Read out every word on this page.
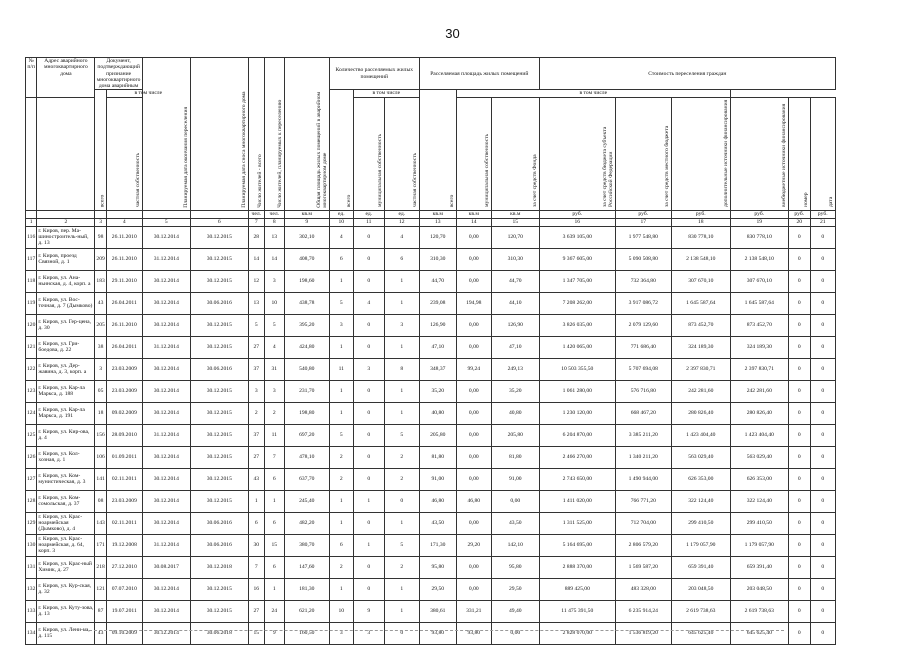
30
№ п/п	Адрес аварийного многоквартирного дома	Документ, подтверждающий признание многоквартирного дома аварийным		Планируемая дата окончания переселения	Планируемая дата сноса многоквартирного дома	Число жителей - всего	Число жителей, планируемых к переселению	Общая площадь жилых помещений в аварийном многоквартирном доме	Количество расселяемых жилых помещений			Расселяемая площадь жилых помещений			Стоимость переселения граждан					
		всего	в том числе						всего	в том числе		всего	в том числе							
			частная собственность							муниципальная собственность	частная собственность		муниципальная собственность	за счет средств Фонда	за счет средств бюджета субъекта Российской Федерации	за счет средств местного бюджета	дополнительные источники финансирования	внебюджетные источники финансирования		
																			номер	дата
						чел.	чел.	кв.м	ед.	ед.	ед.	кв.м	кв.м	кв.м	руб.	руб.	руб.	руб.	руб.	руб.
1	2	3	4	5	6	7	8	9	10	11	12	13	14	15	16	17	18	19	20	21
116	г. Киров, пер. Ма-шиностроитель-ный, д. 13	98	26.11.2010	30.12.2014	30.12.2015	28	13	302,10	4	0	4	120,70	0,00	120,70	3 639 105,00	1 977 548,80	830 778,10	830 778,10	0	0
117	г. Киров, проезд Связной, д. 1	209	26.11.2010	31.12.2014	30.12.2015	14	14	408,70	6	0	6	310,30	0,00	310,30	9 367 605,00	5 090 508,80	2 138 548,10	2 138 548,10	0	0
118	г. Киров, ул. Ана-ньинская, д. 4, корп. а	183	29.11.2010	30.12.2014	30.12.2015	12	3	198,60	1	0	1	44,70	0,00	44,70	1 347 705,00	732 364,80	307 670,10	307 670,10	0	0
119	г. Киров, ул. Вос-точная, д. 7 (Дымково)	43	26.04.2011	30.12.2014	30.06.2016	13	10	438,78	5	4	1	239,08	194,98	44,10	7 208 262,00	3 917 086,72	1 645 587,64	1 645 587,64	0	0
120	г. Киров, ул. Гер-цена, д. 30	205	26.11.2010	30.12.2014	30.12.2015	5	5	395,20	3	0	3	126,90	0,00	126,90	3 826 035,00	2 079 129,60	873 452,70	873 452,70	0	0
121	г. Киров, ул. Гри-боедова, д. 22	38	26.04.2011	31.12.2014	30.12.2015	27	4	424,80	1	0	1	47,10	0,00	47,10	1 420 065,00	771 686,40	324 189,30	324 189,30	0	0
122	г. Киров, ул. Дер-жавина, д. 3, корп. а	3	23.03.2009	30.12.2014	30.06.2016	37	31	540,80	11	3	8	348,37	99,24	249,13	10 503 355,50	5 707 694,08	2 397 830,71	2 397 830,71	0	0
123	г. Киров, ул. Кар-ла Маркса, д. 188	05	23.03.2009	30.12.2014	30.12.2015	3	3	231,70	1	0	1	35,20	0,00	35,20	1 061 280,00	576 716,80	242 281,60	242 281,60	0	0
124	г. Киров, ул. Кар-ла Маркса, д. 191	18	09.02.2009	30.12.2014	30.12.2015	2	2	198,80	1	0	1	40,80	0,00	40,80	1 230 120,00	668 467,20	280 826,40	280 826,40	0	0
125	г. Киров, ул. Кир-ова, д. 4	156	28.09.2010	31.12.2014	30.12.2015	37	11	697,20	5	0	5	205,80	0,00	205,80	6 204 870,00	3 385 211,20	1 423 404,40	1 423 404,40	0	0
126	г. Киров, ул. Кол-хозная, д. 1	106	01.09.2011	30.12.2014	30.12.2015	27	7	478,10	2	0	2	81,80	0,00	81,80	2 466 270,00	1 340 211,20	563 029,40	563 029,40	0	0
127	г. Киров, ул. Ком-мунистическая, д. 3	141	02.11.2011	30.12.2014	30.12.2015	43	6	637,70	2	0	2	91,00	0,00	91,00	2 743 650,00	1 490 944,00	626 353,00	626 353,00	0	0
128	г. Киров, ул. Ком-сомольская, д. 37	08	23.03.2009	30.12.2014	30.12.2015	1	1	245,40	1	1	0	46,80	46,80	0,00	1 411 020,00	766 771,20	322 124,40	322 124,40	0	0
129	г. Киров, ул. Крас-ноармейская (Дымково), д. 4	143	02.11.2011	30.12.2014	30.06.2016	6	6	482,20	1	0	1	43,50	0,00	43,50	1 311 525,00	712 704,00	299 410,50	299 410,50	0	0
130	г. Киров, ул. Крас-ноармейская, д. 64, корп. 3	171	19.12.2008	31.12.2014	30.06.2016	30	15	380,70	6	1	5	171,30	29,20	142,10	5 164 695,00	2 806 579,20	1 179 057,90	1 179 057,90	0	0
131	г. Киров, ул. Крас-ный Химик, д. 27	218	27.12.2010	30.08.2017	30.12.2018	7	6	147,60	2	0	2	95,80	0,00	95,80	2 888 370,00	1 569 587,20	659 391,40	659 391,40	0	0
132	г. Киров, ул. Кур-ская, д. 32	121	07.07.2010	30.12.2014	30.12.2015	16	1	181,30	1	0	1	29,50	0,00	29,50	889 425,00	483 328,00	203 048,50	203 048,50	0	0
133	г. Киров, ул. Куту-зова, д. 13	87	19.07.2011	30.12.2014	30.12.2015	27	24	621,20	10	9	1	380,61	331,21	49,40	11 475 391,50	6 235 914,24	2 619 738,63	2 619 738,63	0	0
134	г. Киров, ул. Лени-на, д. 115	43	09.10.2009	30.12.2014	30.06.2018	15	9	160,50	3	3	0	93,80	93,80	0,00	2 828 070,00	1 536 819,20	645 625,40	645 625,40	0	0
